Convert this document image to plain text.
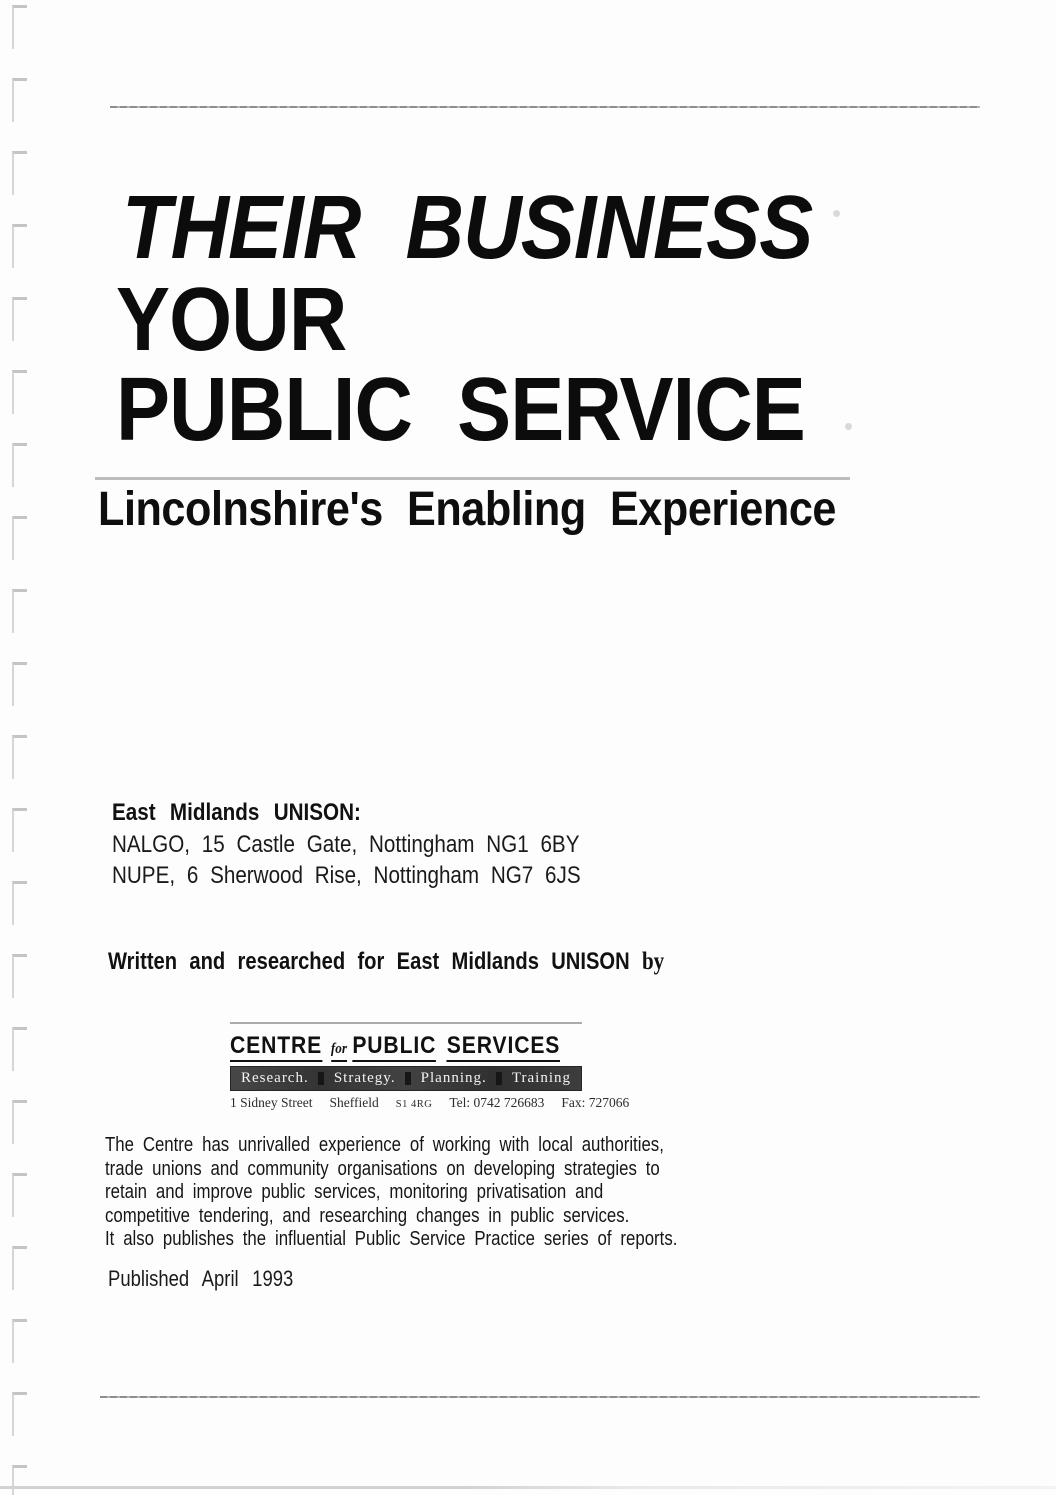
THEIR BUSINESS
YOUR
PUBLIC SERVICE
Lincolnshire's Enabling Experience
East Midlands UNISON:
NALGO, 15 Castle Gate, Nottingham NG1 6BY
NUPE, 6 Sherwood Rise, Nottingham NG7 6JS
Written and researched for East Midlands UNISON by
CENTRE for PUBLIC SERVICES
Research. Strategy. Planning. Training
1 Sidney Street Sheffield S1 4RG Tel: 0742 726683 Fax: 727066
The Centre has unrivalled experience of working with local authorities,
trade unions and community organisations on developing strategies to
retain and improve public services, monitoring privatisation and
competitive tendering, and researching changes in public services.
It also publishes the influential Public Service Practice series of reports.
Published April 1993
